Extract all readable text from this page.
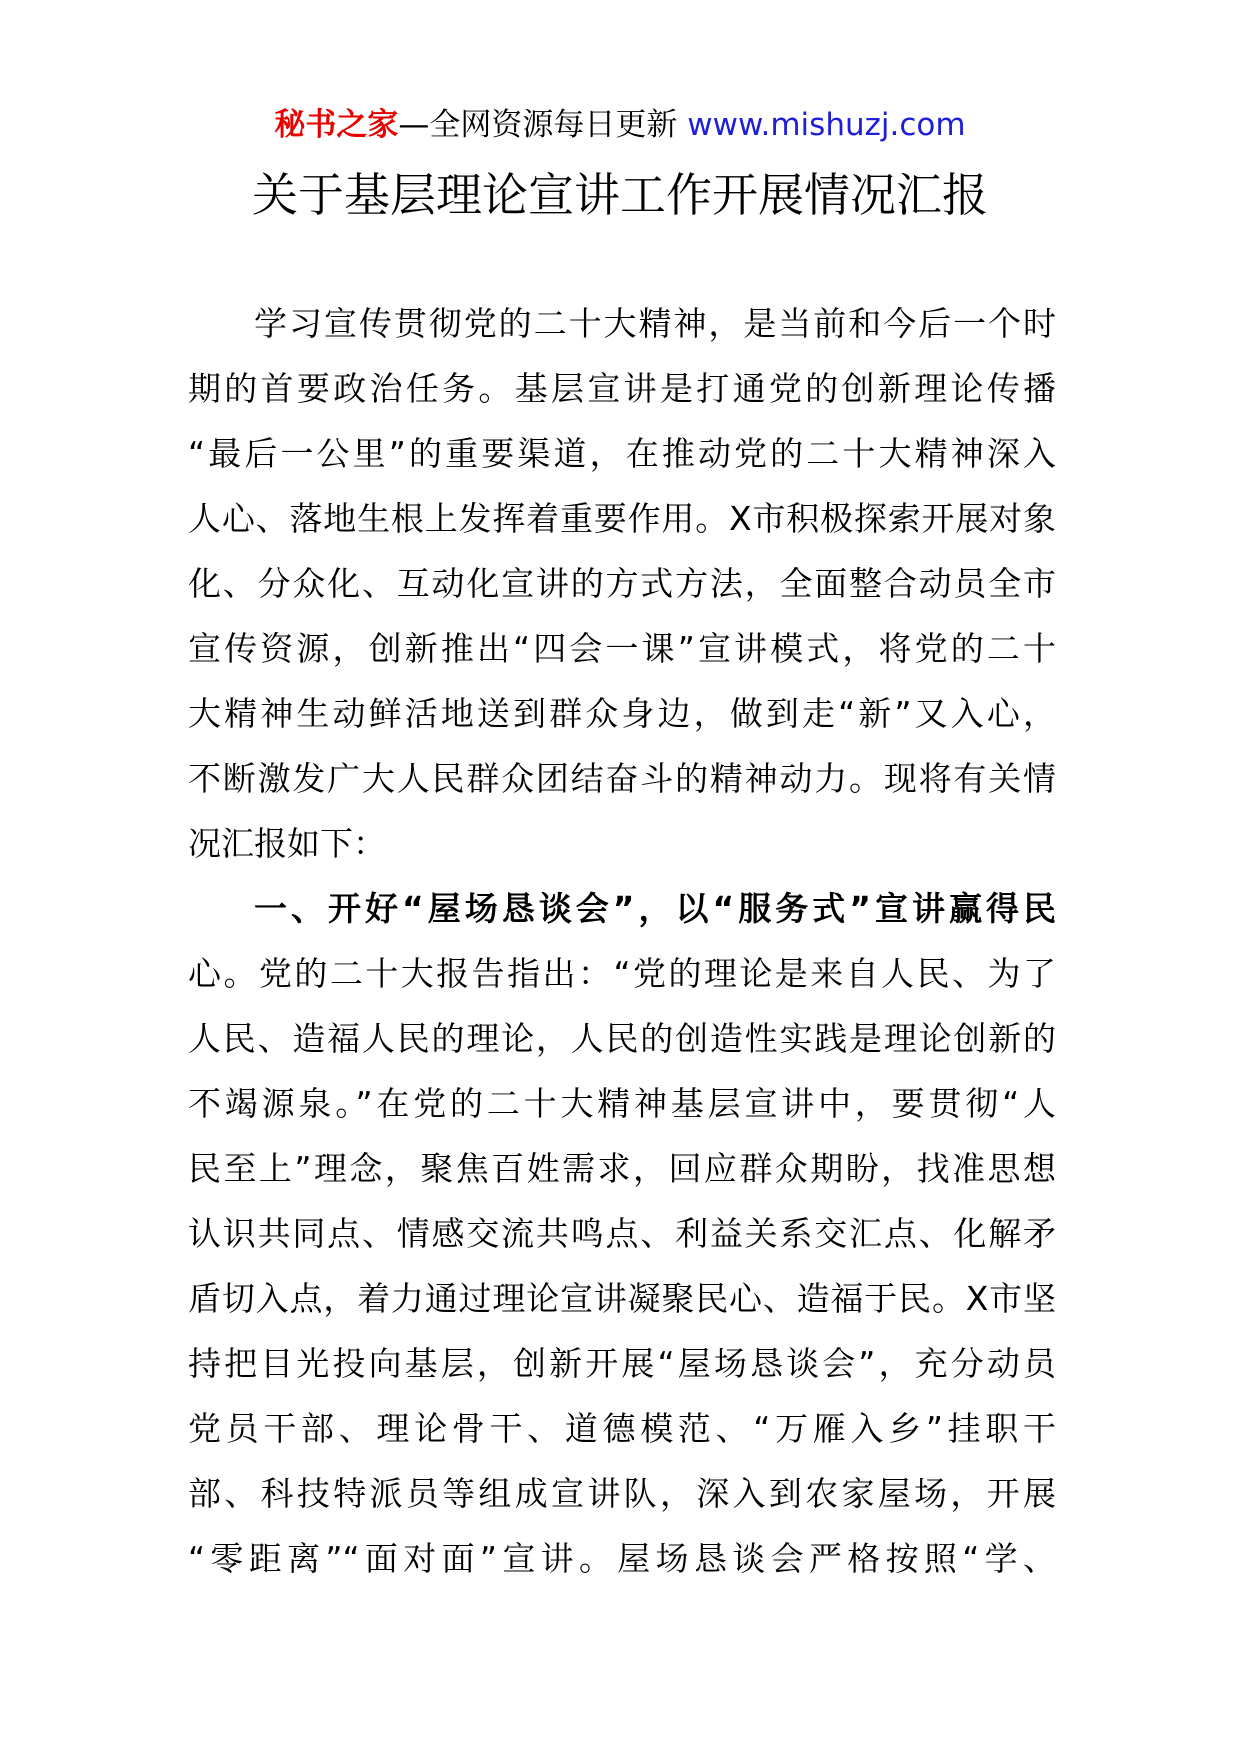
秘书之家—全网资源每日更新 www.mishuzj.com
关于基层理论宣讲工作开展情况汇报
学习宣传贯彻党的二十大精神，是当前和今后一个时
期的首要政治任务。基层宣讲是打通党的创新理论传播
“最后一公里”的重要渠道，在推动党的二十大精神深入
人心、落地生根上发挥着重要作用。X市积极探索开展对象
化、分众化、互动化宣讲的方式方法，全面整合动员全市
宣传资源，创新推出“四会一课”宣讲模式，将党的二十
大精神生动鲜活地送到群众身边，做到走“新”又入心，
不断激发广大人民群众团结奋斗的精神动力。现将有关情
况汇报如下：
一、开好“屋场恳谈会”，以“服务式”宣讲赢得民
心。党的二十大报告指出：“党的理论是来自人民、为了
人民、造福人民的理论，人民的创造性实践是理论创新的
不竭源泉。”在党的二十大精神基层宣讲中，要贯彻“人
民至上”理念，聚焦百姓需求，回应群众期盼，找准思想
认识共同点、情感交流共鸣点、利益关系交汇点、化解矛
盾切入点，着力通过理论宣讲凝聚民心、造福于民。X市坚
持把目光投向基层，创新开展“屋场恳谈会”，充分动员
党员干部、理论骨干、道德模范、“万雁入乡”挂职干
部、科技特派员等组成宣讲队，深入到农家屋场，开展
“零距离”“面对面”宣讲。屋场恳谈会严格按照“学、
